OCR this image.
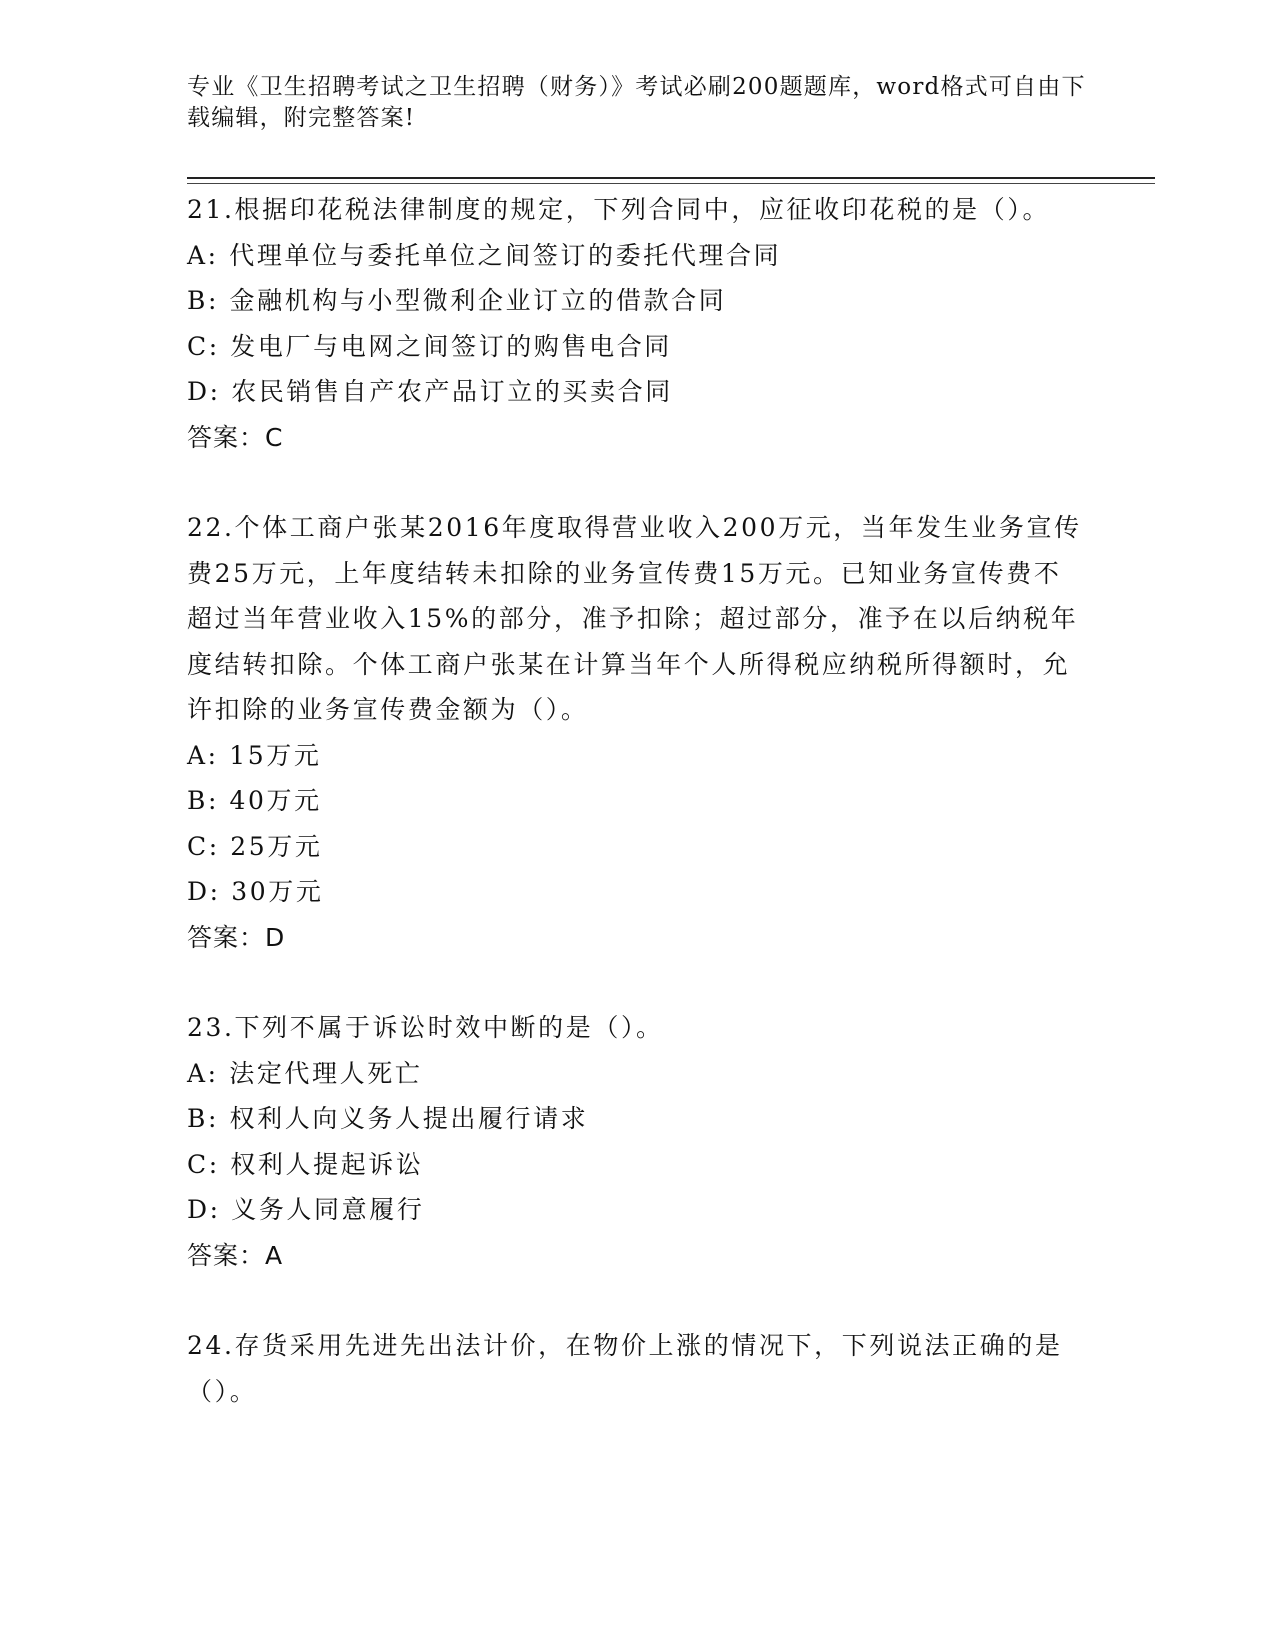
专业《卫生招聘考试之卫生招聘（财务）》考试必刷200题题库，word格式可自由下载编辑，附完整答案!

21.根据印花税法律制度的规定，下列合同中，应征收印花税的是（）。

A: 代理单位与委托单位之间签订的委托代理合同

B: 金融机构与小型微利企业订立的借款合同

C: 发电厂与电网之间签订的购售电合同

D: 农民销售自产农产品订立的买卖合同

答案：C

22.个体工商户张某2016年度取得营业收入200万元，当年发生业务宣传费25万元，上年度结转未扣除的业务宣传费15万元。已知业务宣传费不超过当年营业收入15%的部分，准予扣除；超过部分，准予在以后纳税年度结转扣除。个体工商户张某在计算当年个人所得税应纳税所得额时，允许扣除的业务宣传费金额为（）。

A: 15万元

B: 40万元

C: 25万元

D: 30万元

答案：D

23.下列不属于诉讼时效中断的是（）。

A: 法定代理人死亡

B: 权利人向义务人提出履行请求

C: 权利人提起诉讼

D: 义务人同意履行

答案：A

24.存货采用先进先出法计价，在物价上涨的情况下，下列说法正确的是（）。
